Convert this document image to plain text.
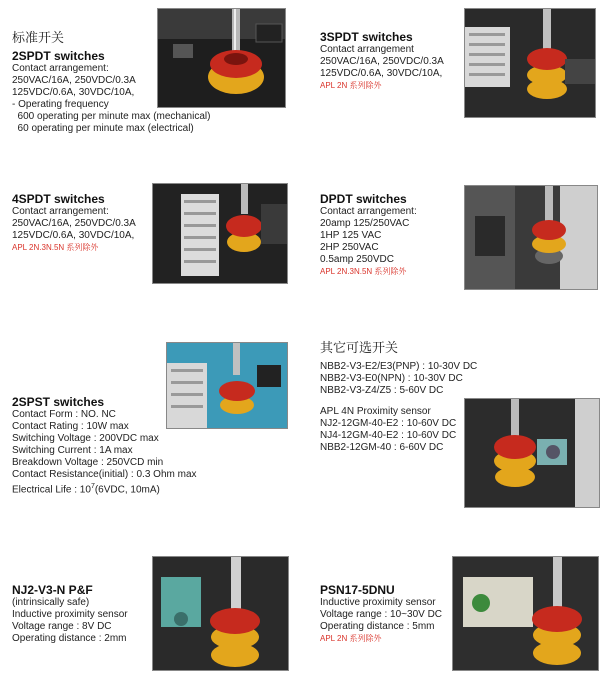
标准开关

2SPDT switches

Contact arrangement:
250VAC/16A, 250VDC/0.3A
125VDC/0.6A, 30VDC/10A,
- Operating frequency
600 operating per minute max (mechanical)
60 operating per minute max (electrical)

3SPDT switches

Contact arrangement
250VAC/16A, 250VDC/0.3A
125VDC/0.6A, 30VDC/10A,
APL 2N 系列除外

4SPDT switches

Contact arrangement:
250VAC/16A, 250VDC/0.3A
125VDC/0.6A, 30VDC/10A,
APL 2N.3N.5N 系列除外

DPDT switches

Contact arrangement:
20amp 125/250VAC
1HP 125 VAC
2HP 250VAC
0.5amp 250VDC
APL 2N.3N.5N 系列除外

其它可选开关

NBB2-V3-E2/E3(PNP) : 10-30V DC
NBB2-V3-E0(NPN) : 10-30V DC
NBB2-V3-Z4/Z5 : 5-60V DC
APL 4N Proximity sensor
NJ2-12GM-40-E2 : 10-60V DC
NJ4-12GM-40-E2 : 10-60V DC
NBB2-12GM-40 : 6-60V DC

2SPST switches

Contact Form : NO. NC
Contact Rating : 10W max
Switching Voltage : 200VDC max
Switching Current : 1A max
Breakdown Voltage : 250VCD min
Contact Resistance(initial) : 0.3 Ohm max
Electrical Life : $10^7(6VDC$, 10mA)

NJ2-V3-N P&F

(intrinsically safe)
Inductive proximity sensor
Voltage range : 8V DC
Operating distance : 2mm

PSN17-5DNU

Inductive proximity sensor
Voltage range : 10~30V DC
Operating distance : 5mm
APL 2N 系列除外
